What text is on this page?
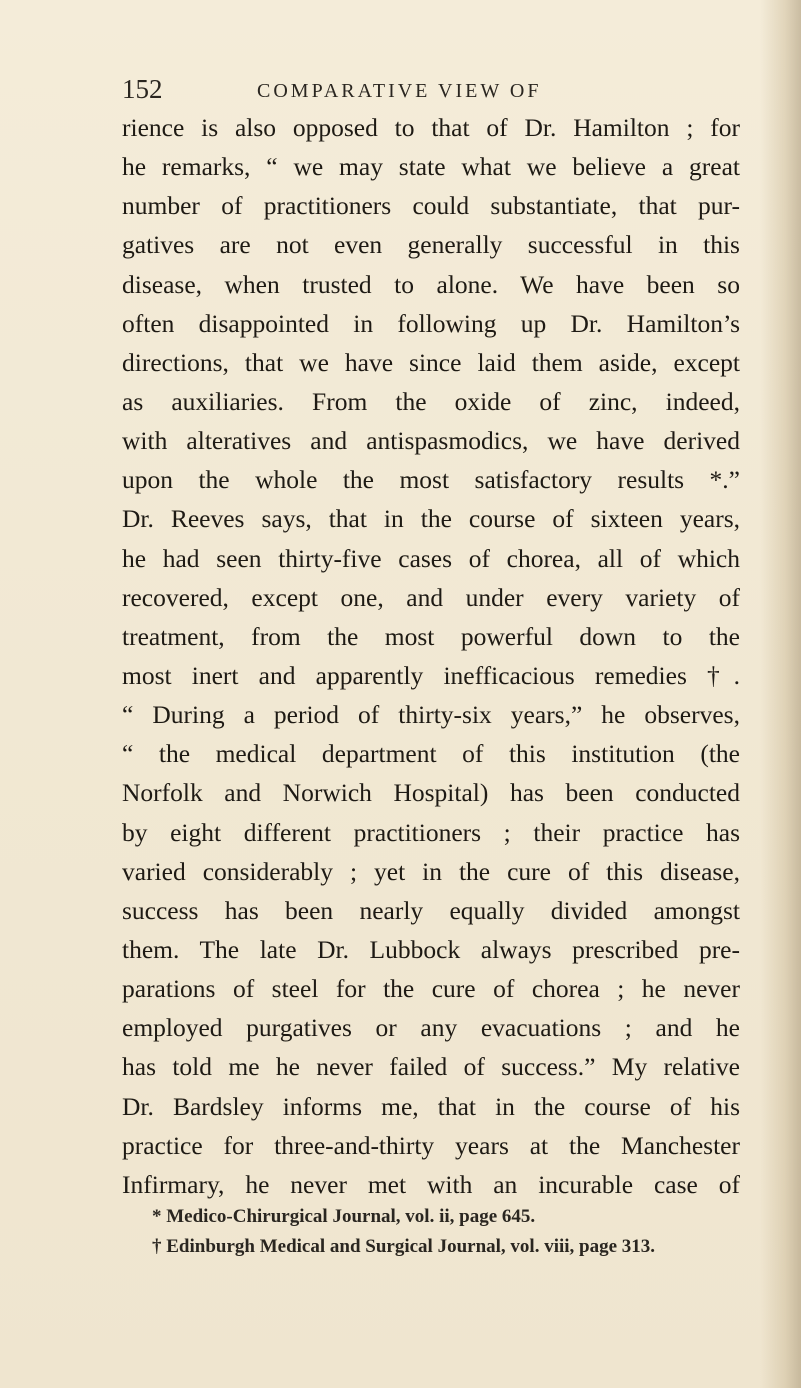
152	COMPARATIVE VIEW OF
rience is also opposed to that of Dr. Hamilton ; for
he remarks, “ we may state what we believe a great
number of practitioners could substantiate, that pur-
gatives are not even generally successful in this
disease, when trusted to alone. We have been so
often disappointed in following up Dr. Hamilton’s
directions, that we have since laid them aside, except
as auxiliaries. From the oxide of zinc, indeed,
with alteratives and antispasmodics, we have derived
upon the whole the most satisfactory results *.”
Dr. Reeves says, that in the course of sixteen years,
he had seen thirty-five cases of chorea, all of which
recovered, except one, and under every variety of
treatment, from the most powerful down to the
most inert and apparently inefficacious remedies †.
“ During a period of thirty-six years,” he observes,
“ the medical department of this institution (the
Norfolk and Norwich Hospital) has been conducted
by eight different practitioners ; their practice has
varied considerably ; yet in the cure of this disease,
success has been nearly equally divided amongst
them. The late Dr. Lubbock always prescribed pre-
parations of steel for the cure of chorea ; he never
employed purgatives or any evacuations ; and he
has told me he never failed of success.” My relative
Dr. Bardsley informs me, that in the course of his
practice for three-and-thirty years at the Manchester
Infirmary, he never met with an incurable case of
* Medico-Chirurgical Journal, vol. ii, page 645.
† Edinburgh Medical and Surgical Journal, vol. viii, page 313.
